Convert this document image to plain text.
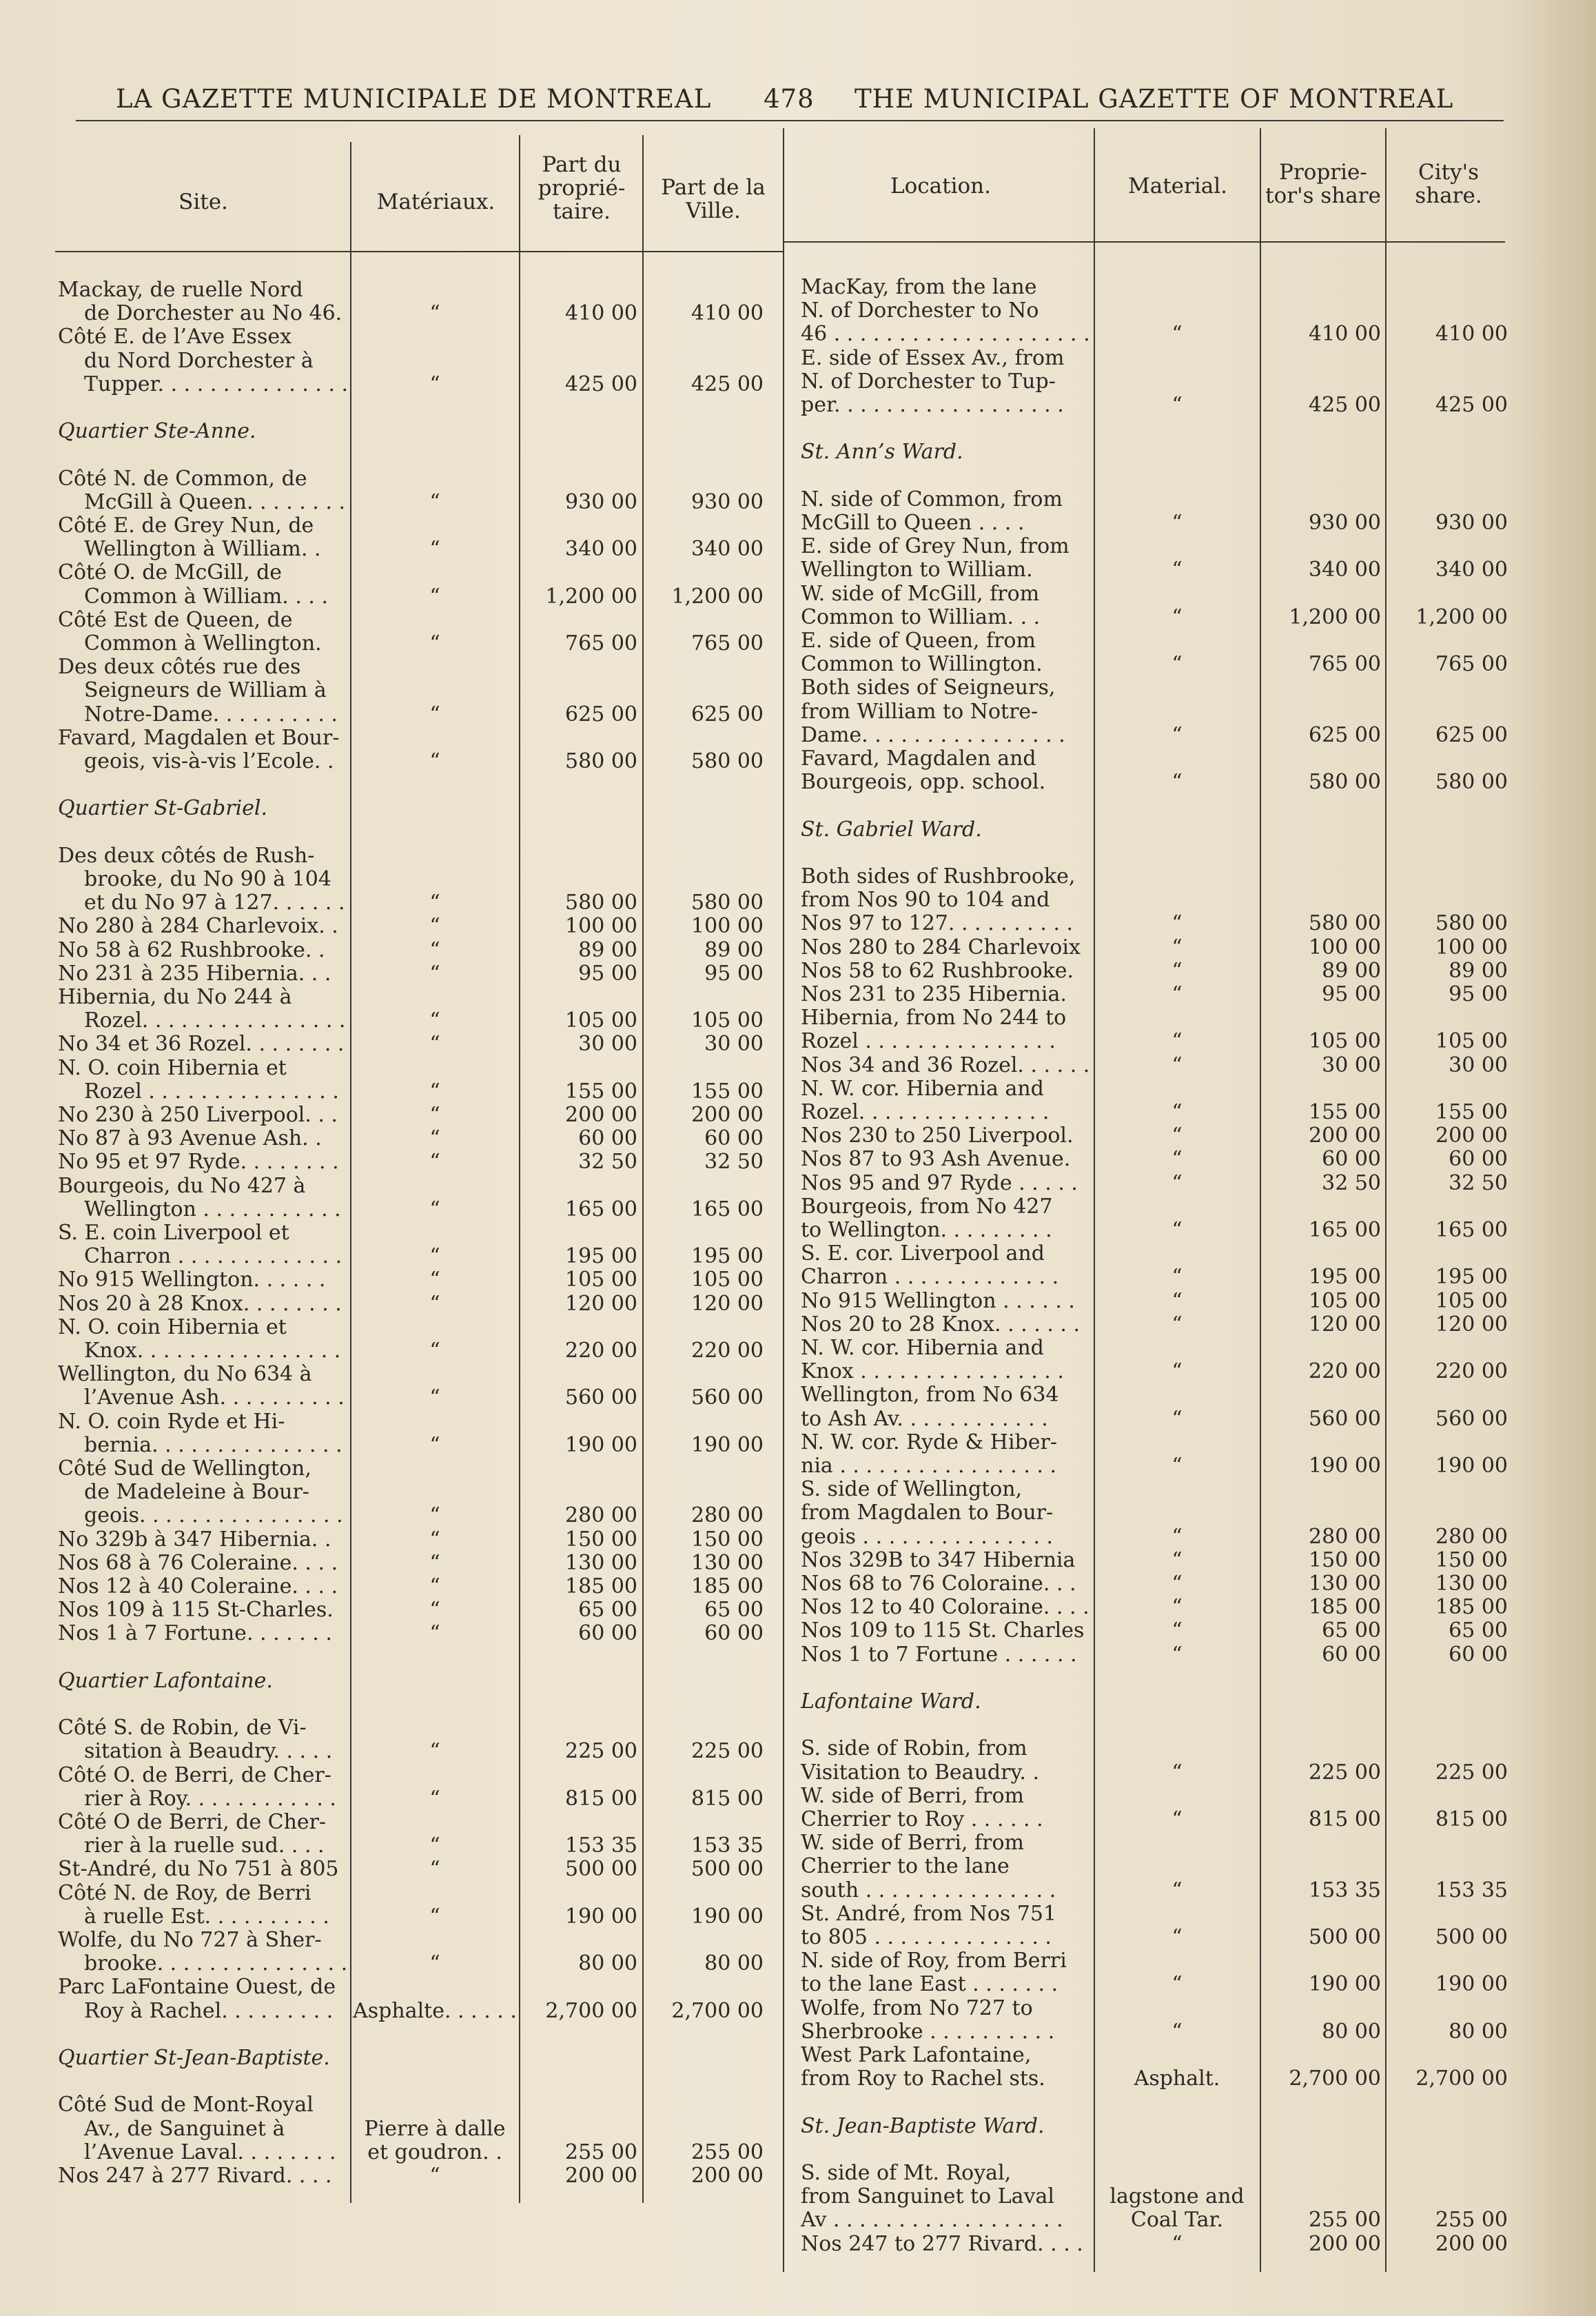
LA GAZETTE MUNICIPALE DE MONTREAL 478 THE MUNICIPAL GAZETTE OF MONTREAL
Site.	Matériaux.
Part du proprié-
taire.
Part de la
Ville.
Location.	Material.
Proprie-
tor's share
City's
share.
Mackay, de ruelle Nord
de Dorchester au No 46.	“	410 00	410 00
Côté E. de l’Ave Essex
du Nord Dorchester à
Tupper. . . . . . . . . . . . . . .	“	425 00	425 00
Quartier Ste-Anne.
Côté N. de Common, de
McGill à Queen. . . . . . . .	“	930 00	930 00
Côté E. de Grey Nun, de
Wellington à William. .	“	340 00	340 00
Côté O. de McGill, de
Common à William. . . .	“	1,200 00	1,200 00
Côté Est de Queen, de
Common à Wellington.	“	765 00	765 00
Des deux côtés rue des
Seigneurs de William à
Notre-Dame. . . . . . . . . .	“	625 00	625 00
Favard, Magdalen et Bour-
geois, vis-à-vis l’Ecole. .	“	580 00	580 00
Quartier St-Gabriel.
Des deux côtés de Rush-
brooke, du No 90 à 104
et du No 97 à 127. . . . . .	“	580 00	580 00
No 280 à 284 Charlevoix. .	“	100 00	100 00
No 58 à 62 Rushbrooke. .	“	89 00	89 00
No 231 à 235 Hibernia. . .	“	95 00	95 00
Hibernia, du No 244 à
Rozel. . . . . . . . . . . . . . . .	“	105 00	105 00
No 34 et 36 Rozel. . . . . . . .	“	30 00	30 00
N. O. coin Hibernia et
Rozel . . . . . . . . . . . . . . .	“	155 00	155 00
No 230 à 250 Liverpool. . .	“	200 00	200 00
No 87 à 93 Avenue Ash. .	“	60 00	60 00
No 95 et 97 Ryde. . . . . . . .	“	32 50	32 50
Bourgeois, du No 427 à
Wellington . . . . . . . . . . .	“	165 00	165 00
S. E. coin Liverpool et
Charron . . . . . . . . . . . . .	“	195 00	195 00
No 915 Wellington. . . . . .	“	105 00	105 00
Nos 20 à 28 Knox. . . . . . . .	“	120 00	120 00
N. O. coin Hibernia et
Knox. . . . . . . . . . . . . . . .	“	220 00	220 00
Wellington, du No 634 à
l’Avenue Ash. . . . . . . . . .	“	560 00	560 00
N. O. coin Ryde et Hi-
bernia. . . . . . . . . . . . . . .	“	190 00	190 00
Côté Sud de Wellington,
de Madeleine à Bour-
geois. . . . . . . . . . . . . . . .	“	280 00	280 00
No 329b à 347 Hibernia. .	“	150 00	150 00
Nos 68 à 76 Coleraine. . . .	“	130 00	130 00
Nos 12 à 40 Coleraine. . . .	“	185 00	185 00
Nos 109 à 115 St-Charles.	“	65 00	65 00
Nos 1 à 7 Fortune. . . . . . .	“	60 00	60 00
Quartier Lafontaine.
Côté S. de Robin, de Vi-
sitation à Beaudry. . . . .	“	225 00	225 00
Côté O. de Berri, de Cher-
rier à Roy. . . . . . . . . . . .	“	815 00	815 00
Côté O de Berri, de Cher-
rier à la ruelle sud. . . .	“	153 35	153 35
St-André, du No 751 à 805	“	500 00	500 00
Côté N. de Roy, de Berri
à ruelle Est. . . . . . . . . .	“	190 00	190 00
Wolfe, du No 727 à Sher-
brooke. . . . . . . . . . . . . . .	“	80 00	80 00
Parc LaFontaine Ouest, de
Roy à Rachel. . . . . . . . . Asphalte. . . . . .	2,700 00	2,700 00
Quartier St-Jean-Baptiste.
Côté Sud de Mont-Royal
Av., de Sanguinet à	Pierre à dalle
l’Avenue Laval. . . . . . . .	et goudron. .	255 00	255 00
Nos 247 à 277 Rivard. . . .	“	200 00	200 00
MacKay, from the lane
N. of Dorchester to No
46 . . . . . . . . . . . . . . . . . . . .	“	410 00	410 00
E. side of Essex Av., from
N. of Dorchester to Tup-
per. . . . . . . . . . . . . . . . . .	“	425 00	425 00
St. Ann’s Ward.
N. side of Common, from
McGill to Queen . . . .	“	930 00	930 00
E. side of Grey Nun, from
Wellington to William.	“	340 00	340 00
W. side of McGill, from
Common to William. . .	“	1,200 00	1,200 00
E. side of Queen, from
Common to Willington.	“	765 00	765 00
Both sides of Seigneurs,
from William to Notre-
Dame. . . . . . . . . . . . . . . .	“	625 00	625 00
Favard, Magdalen and
Bourgeois, opp. school.	“	580 00	580 00
St. Gabriel Ward.
Both sides of Rushbrooke,
from Nos 90 to 104 and
Nos 97 to 127. . . . . . . . . .	“	580 00	580 00
Nos 280 to 284 Charlevoix	“	100 00	100 00
Nos 58 to 62 Rushbrooke.	“	89 00	89 00
Nos 231 to 235 Hibernia.	“	95 00	95 00
Hibernia, from No 244 to
Rozel . . . . . . . . . . . . . . .	“	105 00	105 00
Nos 34 and 36 Rozel. . . . . .	“	30 00	30 00
N. W. cor. Hibernia and
Rozel. . . . . . . . . . . . . . .	“	155 00	155 00
Nos 230 to 250 Liverpool.	“	200 00	200 00
Nos 87 to 93 Ash Avenue.	“	60 00	60 00
Nos 95 and 97 Ryde . . . . .	“	32 50	32 50
Bourgeois, from No 427
to Wellington. . . . . . . . .	“	165 00	165 00
S. E. cor. Liverpool and
Charron . . . . . . . . . . . . .	“	195 00	195 00
No 915 Wellington . . . . . .	“	105 00	105 00
Nos 20 to 28 Knox. . . . . . .	“	120 00	120 00
N. W. cor. Hibernia and
Knox . . . . . . . . . . . . . . . .	“	220 00	220 00
Wellington, from No 634
to Ash Av. . . . . . . . . . . .	“	560 00	560 00
N. W. cor. Ryde & Hiber-
nia . . . . . . . . . . . . . . . . .	“	190 00	190 00
S. side of Wellington,
from Magdalen to Bour-
geois . . . . . . . . . . . . . . .	“	280 00	280 00
Nos 329B to 347 Hibernia	“	150 00	150 00
Nos 68 to 76 Coloraine. . .	“	130 00	130 00
Nos 12 to 40 Coloraine. . . .	“	185 00	185 00
Nos 109 to 115 St. Charles	“	65 00	65 00
Nos 1 to 7 Fortune . . . . . .	“	60 00	60 00
Lafontaine Ward.
S. side of Robin, from
Visitation to Beaudry. .	“	225 00	225 00
W. side of Berri, from
Cherrier to Roy . . . . . .	“	815 00	815 00
W. side of Berri, from
Cherrier to the lane
south . . . . . . . . . . . . . . .	“	153 35	153 35
St. André, from Nos 751
to 805 . . . . . . . . . . . . . .	“	500 00	500 00
N. side of Roy, from Berri
to the lane East . . . . . . .	“	190 00	190 00
Wolfe, from No 727 to
Sherbrooke . . . . . . . . . .	“	80 00	80 00
West Park Lafontaine,
from Roy to Rachel sts.	Asphalt.	2,700 00	2,700 00
St. Jean-Baptiste Ward.
S. side of Mt. Royal,
from Sanguinet to Laval	lagstone and
Av . . . . . . . . . . . . . . . . . .	Coal Tar.	255 00	255 00
Nos 247 to 277 Rivard. . . .	“	200 00	200 00
